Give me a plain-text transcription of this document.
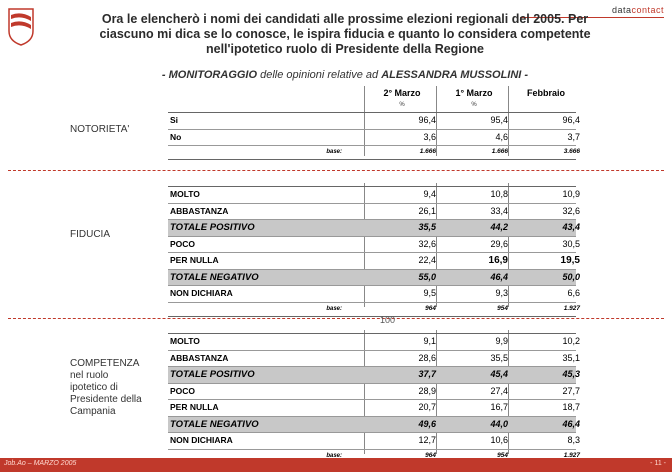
datacontact
Ora le elencherò i nomi dei candidati alle prossime elezioni regionali del 2005. Per
ciascuno mi dica se lo conosce, le ispira fiducia e quanto lo considera competente
nell'ipotetico ruolo di Presidente della Regione
- MONITORAGGIO delle opinioni relative ad ALESSANDRA MUSSOLINI -
2° Marzo	1° Marzo	Febbraio
%	%
NOTORIETA'
Si	96,4	95,4	96,4
No	3,6	4,6	3,7
base:	1.666	1.666	3.666
FIDUCIA
MOLTO	9,4	10,8	10,9
ABBASTANZA	26,1	33,4	32,6
TOTALE POSITIVO	35,5	44,2	43,4
POCO	32,6	29,6	30,5
PER NULLA	22,4	16,9	19,5
TOTALE NEGATIVO	55,0	46,4	50,0
NON DICHIARA	9,5	9,3	6,6
base:	964	954	1.927
100
COMPETENZA
nel ruolo
ipotetico di
Presidente della
Campania
MOLTO	9,1	9,9	10,2
ABBASTANZA	28,6	35,5	35,1
TOTALE POSITIVO	37,7	45,4	45,3
POCO	28,9	27,4	27,7
PER NULLA	20,7	16,7	18,7
TOTALE NEGATIVO	49,6	44,0	46,4
NON DICHIARA	12,7	10,6	8,3
base:	964	954	1.927
Job.Ao – MARZO 2005	- 11 -
